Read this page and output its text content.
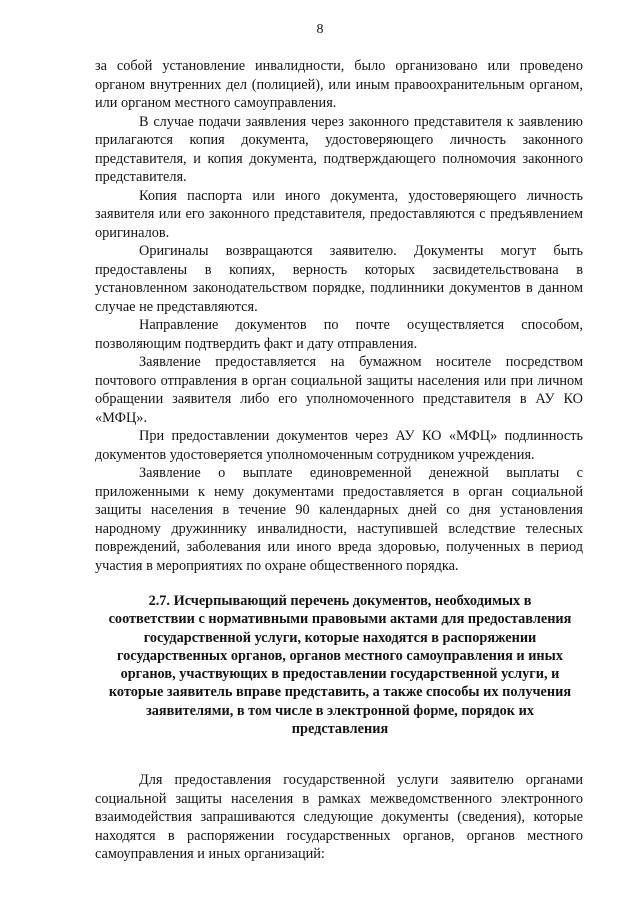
8

за собой установление инвалидности, было организовано или проведено органом внутренних дел (полицией), или иным правоохранительным органом, или органом местного самоуправления.

В случае подачи заявления через законного представителя к заявлению прилагаются копия документа, удостоверяющего личность законного представителя, и копия документа, подтверждающего полномочия законного представителя.

Копия паспорта или иного документа, удостоверяющего личность заявителя или его законного представителя, предоставляются с предъявлением оригиналов.

Оригиналы возвращаются заявителю. Документы могут быть предоставлены в копиях, верность которых засвидетельствована в установленном законодательством порядке, подлинники документов в данном случае не представляются.

Направление документов по почте осуществляется способом, позволяющим подтвердить факт и дату отправления.

Заявление предоставляется на бумажном носителе посредством почтового отправления в орган социальной защиты населения или при личном обращении заявителя либо его уполномоченного представителя в АУ КО «МФЦ».

При предоставлении документов через АУ КО «МФЦ» подлинность документов удостоверяется уполномоченным сотрудником учреждения.

Заявление о выплате единовременной денежной выплаты с приложенными к нему документами предоставляется в орган социальной защиты населения в течение 90 календарных дней со дня установления народному дружиннику инвалидности, наступившей вследствие телесных повреждений, заболевания или иного вреда здоровью, полученных в период участия в мероприятиях по охране общественного порядка.

2.7. Исчерпывающий перечень документов, необходимых в соответствии с нормативными правовыми актами для предоставления государственной услуги, которые находятся в распоряжении государственных органов, органов местного самоуправления и иных органов, участвующих в предоставлении государственной услуги, и которые заявитель вправе представить, а также способы их получения заявителями, в том числе в электронной форме, порядок их представления

Для предоставления государственной услуги заявителю органами социальной защиты населения в рамках межведомственного электронного взаимодействия запрашиваются следующие документы (сведения), которые находятся в распоряжении государственных органов, органов местного самоуправления и иных организаций:
